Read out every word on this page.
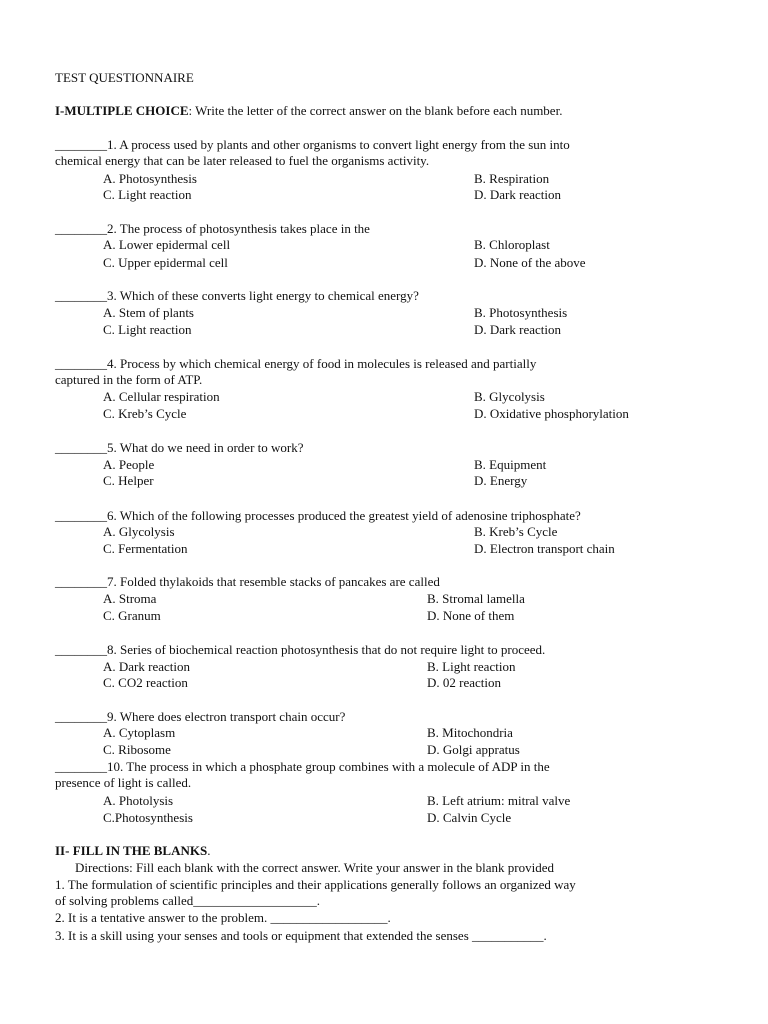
TEST QUESTIONNAIRE
I-MULTIPLE CHOICE: Write the letter of the correct answer on the blank before each number.
________1. A process used by plants and other organisms to convert light energy from the sun into
chemical energy that can be later released to fuel the organisms activity.
A. Photosynthesis	B. Respiration
C. Light reaction	D. Dark reaction
________2. The process of photosynthesis takes place in the
A. Lower epidermal cell	B. Chloroplast
C. Upper epidermal cell	D. None of the above
________3. Which of these converts light energy to chemical energy?
A. Stem of plants	B. Photosynthesis
C. Light reaction	D. Dark reaction
________4. Process by which chemical energy of food in molecules is released and partially
captured in the form of ATP.
A. Cellular respiration	B. Glycolysis
C. Kreb’s Cycle	D. Oxidative phosphorylation
________5. What do we need in order to work?
A. People	B. Equipment
C. Helper	D. Energy
________6. Which of the following processes produced the greatest yield of adenosine triphosphate?
A. Glycolysis	B. Kreb’s Cycle
C. Fermentation	D. Electron transport chain
________7. Folded thylakoids that resemble stacks of pancakes are called
A. Stroma	B. Stromal lamella
C. Granum	D. None of them
________8. Series of biochemical reaction photosynthesis that do not require light to proceed.
A. Dark reaction	B. Light reaction
C. CO2 reaction	D. 02 reaction
________9. Where does electron transport chain occur?
A. Cytoplasm	B. Mitochondria
C. Ribosome	D. Golgi appratus
________10. The process in which a phosphate group combines with a molecule of ADP in the
presence of light is called.
A. Photolysis	B. Left atrium: mitral valve
C.Photosynthesis	D. Calvin Cycle
II- FILL IN THE BLANKS.
Directions: Fill each blank with the correct answer. Write your answer in the blank provided
1. The formulation of scientific principles and their applications generally follows an organized way
of solving problems called___________________.
2. It is a tentative answer to the problem. __________________.
3. It is a skill using your senses and tools or equipment that extended the senses ___________.
